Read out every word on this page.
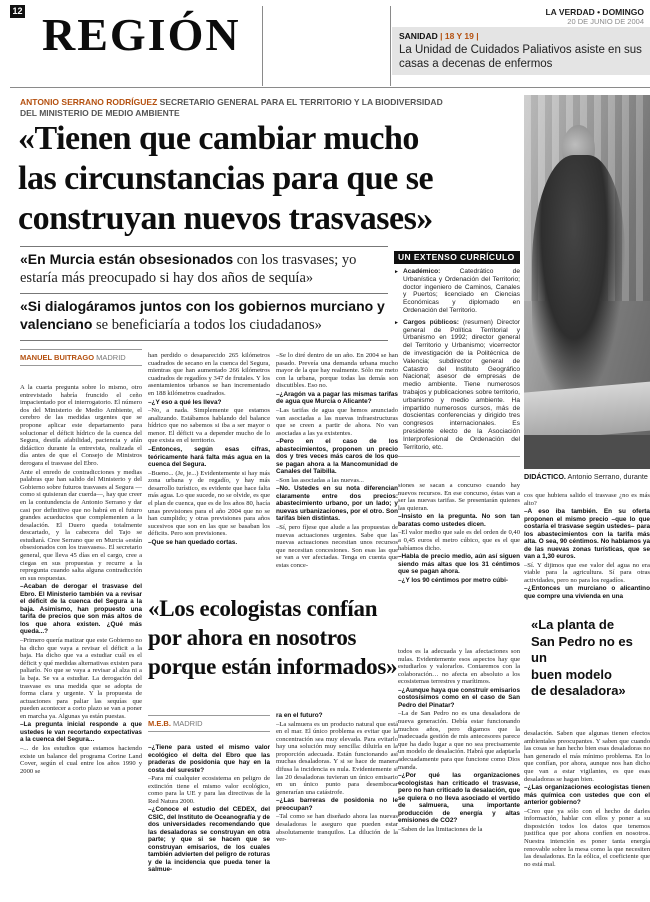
12 REGIÓN	LA VERDAD • DOMINGO
20 DE JUNIO DE 2004
SANIDAD | 18 Y 19 |
La Unidad de Cuidados Paliativos asiste en sus casas a decenas de enfermos
ANTONIO SERRANO RODRÍGUEZ SECRETARIO GENERAL PARA EL TERRITORIO Y LA BIODIVERSIDAD DEL MINISTERIO DE MEDIO AMBIENTE
«Tienen que cambiar mucho
las circunstancias para que se
construyan nuevos trasvases»
«En Murcia están obsesionados con los trasvases; yo estaría más preocupado si hay dos años de sequía»
«Si dialogáramos juntos con los gobiernos murciano y valenciano se beneficiaría a todos los ciudadanos»
MANUEL BUITRAGO MADRID

A la cuarta pregunta sobre lo mismo, otro entrevistado habría fruncido el ceño impacientado por el interrogatorio. El número dos del Ministerio de Medio Ambiente, el cerebro de las medidas urgentes que se propone aplicar este departamento para solucionar el déficit hídrico de la cuenca del Segura, destila afabilidad, paciencia y afán didáctico durante la entrevista, realizada el día antes de que el Consejo de Ministros derogara el trasvase del Ebro.

Ante el enredo de contradicciones y medias palabras que han salido del Ministerio y del Gobierno sobre futuros trasvases al Segura —como si quisieran dar cuerda—, hay que creer en la contundencia de Antonio Serrano y dar casi por definitivo que no habrá en el futuro grandes acueductos que complementen a la desalación. El Duero queda totalmente descartado, y la cabecera del Tajo se estudiará. Cree Serrano que en Murcia «están obsesionados con los trasvases». El secretario general, que lleva 45 días en el cargo, cree a ciegas en sus propuestas y recurre a la repregunta cuando salta alguna contradicción en sus respuestas.

–Acaban de derogar el trasvase del Ebro. El Ministerio también va a revisar el déficit de la cuenca del Segura a la baja. Asimismo, han propuesto una tarifa de precios que son más altos de los que ahora existen. ¿Qué más queda...?

–Primero quería matizar que este Gobierno no ha dicho que vaya a revisar el déficit a la baja. Ha dicho que va a estudiar cuál es el déficit y qué medidas alternativas existen para paliarlo. No que se vaya a revisar al alza ni a la baja. Se va a estudiar. La derogación del trasvase es una medida que se adopta de forma clara y urgente. Y la propuesta de actuaciones para paliar las sequías que pueden acontecer a corto plazo se van a poner en marcha ya. Algunas ya están puestas.

–La pregunta inicial responde a que ustedes le van recortando expectativas a la cuenca del Segura...

–... de los estudios que estamos haciendo existe un balance del programa Corine Land Cover, según el cual entre los años 1990 y 2000 se

han perdido o desaparecido 265 kilómetros cuadrados de secano en la cuenca del Segura, mientras que han aumentado 266 kilómetros cuadrados de regadíos y 347 de frutales. Y los asentamientos urbanos se han incrementado en 188 kilómetros cuadrados.

–¿Y eso a qué les lleva?

–No, a nada. Simplemente que estamos analizando. Estábamos hablando del balance hídrico que no sabemos si iba a ser mayor o menor. El déficit va a depender mucho de lo que exista en el territorio.

–Entonces, según esas cifras, teóricamente hará falta más agua en la cuenca del Segura.

–Bueno... (Je, je...) Evidentemente si hay más zona urbana y de regadío, y hay más desarrollo turístico, es evidente que hace falta más agua. Lo que sucede, no se olvide, es que el plan de cuenca, que es de los años 80, hacía unas previsiones para el año 2004 que no se han cumplido; y otras previsiones para años sucesivos que son en las que se basaban los déficits. Pero son previsiones.

–Que se han quedado cortas.

–Se lo diré dentro de un año. En 2004 se han pasado. Preveía una demanda urbana mucho mayor de la que hay realmente. Sólo me meto con la urbana, porque todas las demás son discutibles. Eso no.

–¿Aragón va a pagar las mismas tarifas de agua que Murcia o Alicante?

–Las tarifas de agua que hemos anunciado van asociadas a las nuevas infraestructuras que se creen a partir de ahora. No van asociadas a las ya existentes.

–Pero en el caso de los abastecimientos, proponen un precio dos y tres veces más caros de los que se pagan ahora a la Mancomunidad de Canales del Taibilla.

–Son las asociadas a las nuevas...

–No. Ustedes en su nota diferencian claramente entre dos precios: abastecimiento urbano, por un lado; y nuevas urbanizaciones, por el otro. Son tarifas bien distintas.

–Sí, pero fíjese que alude a las propuestas de nuevas actuaciones urgentes. Sabe que las nuevas actuaciones necesitan unos recursos que necesitan concesiones. Son esas las que se van a ver afectadas. Tenga en cuenta que estas conce-

siones se sacan a concurso cuando hay nuevos recursos. En ese concurso, éstas van a ser las nuevas tarifas. Se presentarán quienes las quieran.

–Insisto en la pregunta. No son tan baratas como ustedes dicen.

–El valor medio que sale es del orden de 0,40 a 0,45 euros el metro cúbico, que es el que habíamos dicho.

–Habla de precio medio, aún así siguen siendo más altas que los 31 céntimos que se pagan ahora.

–¿Y los 90 céntimos por metro cúbi-

cos que hubiera salido el trasvase ¿no es más alto?

–A eso iba también. En su oferta proponen el mismo precio –que lo que costaría el trasvase según ustedes– para los abastecimientos con la tarifa más alta. O sea, 90 céntimos. No hablamos ya de las nuevas zonas turísticas, que se van a 1,30 euros.

–Sí. Y dijimos que ese valor del agua no era viable para la agricultura. Sí para otras actividades, pero no para los regadíos.

–¿Entonces un murciano o alicantino que compre una vivienda en una

UN EXTENSO CURRÍCULO

► Académico: Catedrático de Urbanística y Ordenación del Territorio; doctor ingeniero de Caminos, Canales y Puertos; licenciado en Ciencias Económicas y diplomado en Ordenación del Territorio.

► Cargos públicos: (resumen) Director general de Política Territorial y Urbanismo en 1992; director general del Territorio y Urbanismo; vicerrector de investigación de la Politécnica de Valencia; subdirector general de Catastro del Instituto Geográfico Nacional; asesor de empresas de medio ambiente. Tiene numerosos trabajos y publicaciones sobre territorio, urbanismo y medio ambiente. Ha impartido numerosos cursos, más de doscientas conferencias y dirigido tres congresos internacionales. Es presidente electo de la Asociación Interprofesional de Ordenación del Territorio, etc.

DIDÁCTICO. Antonio Serrano, durante
«Los ecologistas confían
por ahora en nosotros
porque están informados»
M.E.B. MADRID
«La planta de
San Pedro no es un
buen modelo
de desaladora»

–¿Tiene para usted el mismo valor ecológico el delta del Ebro que las praderas de posidonia que hay en la costa del sureste?

–Para mí cualquier ecosistema en peligro de extinción tiene el mismo valor ecológico, como para la UE y para las directivas de la Red Natura 2000.

–¿Conoce el estudio del CEDEX, del CSIC, del Instituto de Oceanografía y de dos universidades recomendando que las desaladoras se construyan en otra parte; y que si se hacen que se construyan emisarios, de los cuales también advierten del peligro de roturas y de la incidencia que pueda tener la salmue-

ra en el futuro?

–La salmuera es un producto natural que está en el mar. El único problema es evitar que la concentración sea muy elevada. Para evitarlo hay una solución muy sencilla: diluirla en la proporción adecuada. Están funcionando así muchas desaladoras. Y si se hace de manera difusa la incidencia es nula. Evidentemente si las 20 desaladoras tuvieran un único emisario en un único punto para desembocar generarían una catástrofe.

–¿Las barreras de posidonia no le preocupan?

–Tal como se han diseñado ahora las nuevas desaladoras le aseguro que pueden estar absolutamente tranquilos. La dilución de la ver-

todos es la adecuada y las afectaciones son nulas. Evidentemente esos aspectos hay que estudiarlos y valorarlos. Contaremos con la colaboración… no afecta en absoluto a los ecosistemas terrestres y marítimos.

–¿Aunque haya que construir emisarios costosísimos como en el caso de San Pedro del Pinatar?

–La de San Pedro no es una desaladora de nueva generación. Debía estar funcionando muchos años, pero digamos que la inadecuada gestión de mis antecesores parece que ha dado lugar a que no sea precisamente un modelo de desalación. Habrá que adaptarla adecuadamente para que funcione como Dios manda.

–¿Por qué las organizaciones ecologistas han criticado el trasvase, pero no han criticado la desalación, que se quiera o no lleva asociado el vertido de salmuera, una importante producción de energía y altas emisiones de CO2?

–Saben de las limitaciones de la

desalación. Saben que algunas tienen efectos ambientales preocupantes. Y saben que cuando las cosas se han hecho bien esas desaladoras no han generado el más mínimo problema. En lo que confían, por ahora, aunque nos han dicho que van a estar vigilantes, es que esas desaladoras se hagan bien.

–¿Las organizaciones ecologistas tienen más química con ustedes que con el anterior gobierno?

–Creo que ya sólo con el hecho de darles información, hablar con ellos y poner a su disposición todos los datos que tenemos justifica que por ahora confíen en nosotros. Nuestra intención es poner tanta energía renovable sobre la mesa como la que necesiten las desaladoras. En la eólica, el coeficiente que no está mal.
